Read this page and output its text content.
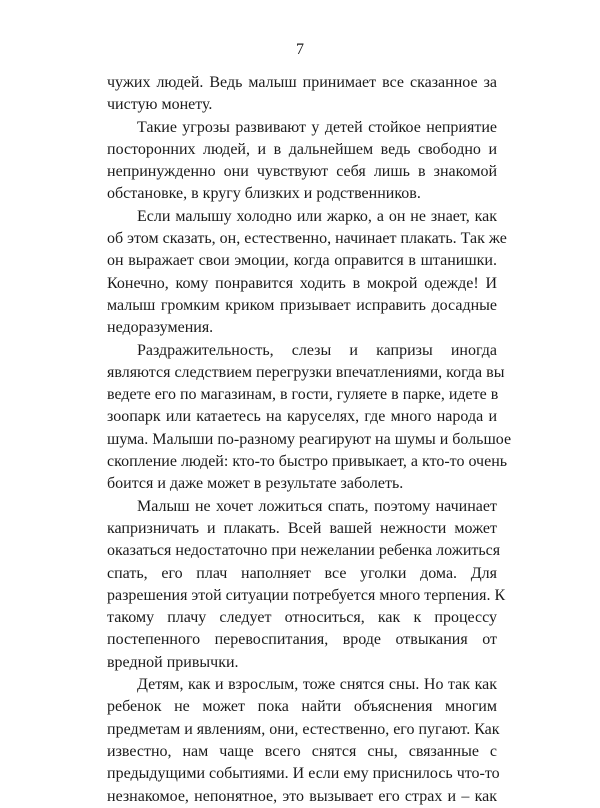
7
чужих людей. Ведь малыш принимает все сказанное за
чистую монету.
Такие угрозы развивают у детей стойкое неприятие
посторонних людей, и в дальнейшем ведь свободно и
непринужденно они чувствуют себя лишь в знакомой
обстановке, в кругу близких и родственников.
Если малышу холодно или жарко, а он не знает, как
об этом сказать, он, естественно, начинает плакать. Так же
он выражает свои эмоции, когда оправится в штанишки.
Конечно, кому понравится ходить в мокрой одежде! И
малыш громким криком призывает исправить досадные
недоразумения.
Раздражительность, слезы и капризы иногда
являются следствием перегрузки впечатлениями, когда вы
ведете его по магазинам, в гости, гуляете в парке, идете в
зоопарк или катаетесь на каруселях, где много народа и
шума. Малыши по-разному реагируют на шумы и большое
скопление людей: кто-то быстро привыкает, а кто-то очень
боится и даже может в результате заболеть.
Малыш не хочет ложиться спать, поэтому начинает
капризничать и плакать. Всей вашей нежности может
оказаться недостаточно при нежелании ребенка ложиться
спать, его плач наполняет все уголки дома. Для
разрешения этой ситуации потребуется много терпения. К
такому плачу следует относиться, как к процессу
постепенного перевоспитания, вроде отвыкания от
вредной привычки.
Детям, как и взрослым, тоже снятся сны. Но так как
ребенок не может пока найти объяснения многим
предметам и явлениям, они, естественно, его пугают. Как
известно, нам чаще всего снятся сны, связанные с
предыдущими событиями. И если ему приснилось что-то
незнакомое, непонятное, это вызывает его страх и – как
